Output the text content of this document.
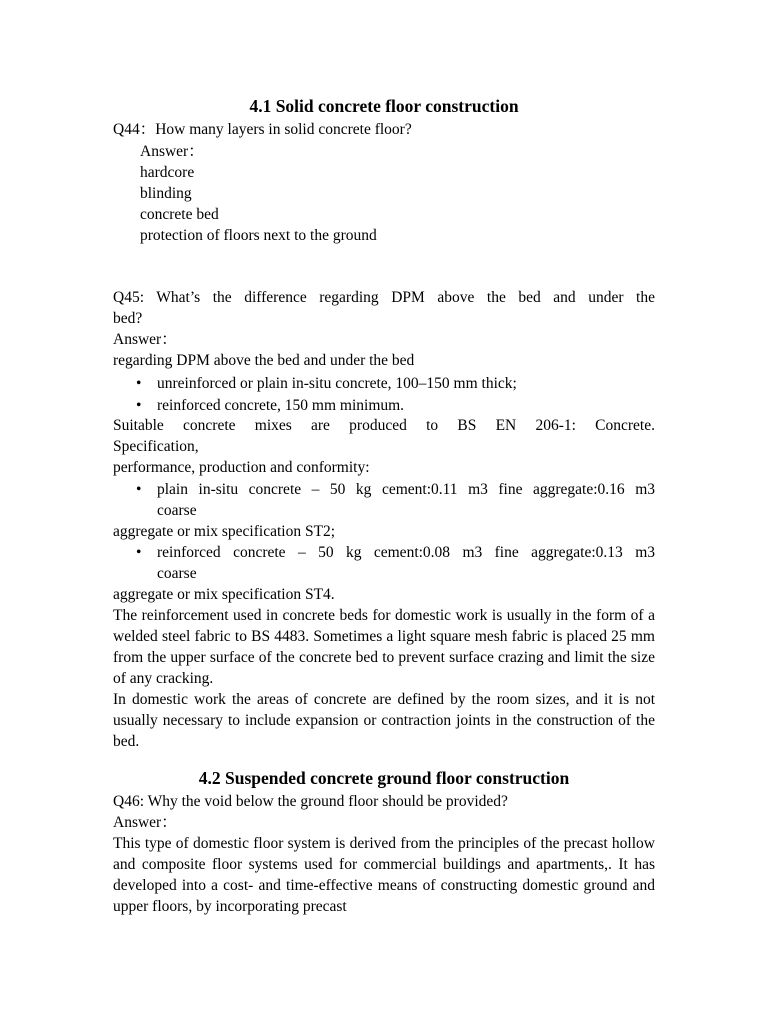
4.1 Solid concrete floor construction
Q44：How many layers in solid concrete floor?
Answer：
hardcore
blinding
concrete bed
protection of floors next to the ground
Q45: What’s the difference regarding DPM above the bed and under the
bed?
Answer：
regarding DPM above the bed and under the bed
• unreinforced or plain in-situ concrete, 100–150 mm thick;
• reinforced concrete, 150 mm minimum.
Suitable concrete mixes are produced to BS EN 206-1: Concrete.
Specification,
performance, production and conformity:
• plain in-situ concrete – 50 kg cement:0.11 m3 fine aggregate:0.16 m3
coarse
aggregate or mix specification ST2;
• reinforced concrete – 50 kg cement:0.08 m3 fine aggregate:0.13 m3
coarse
aggregate or mix specification ST4.
The reinforcement used in concrete beds for domestic work is usually in the form of a welded steel fabric to BS 4483. Sometimes a light square mesh fabric is placed 25 mm from the upper surface of the concrete bed to prevent surface crazing and limit the size of any cracking.
In domestic work the areas of concrete are defined by the room sizes, and it is not usually necessary to include expansion or contraction joints in the construction of the bed.
4.2 Suspended concrete ground floor construction
Q46: Why the void below the ground floor should be provided?
Answer：
This type of domestic floor system is derived from the principles of the precast hollow and composite floor systems used for commercial buildings and apartments,. It has developed into a cost- and time-effective means of constructing domestic ground and upper floors, by incorporating precast
